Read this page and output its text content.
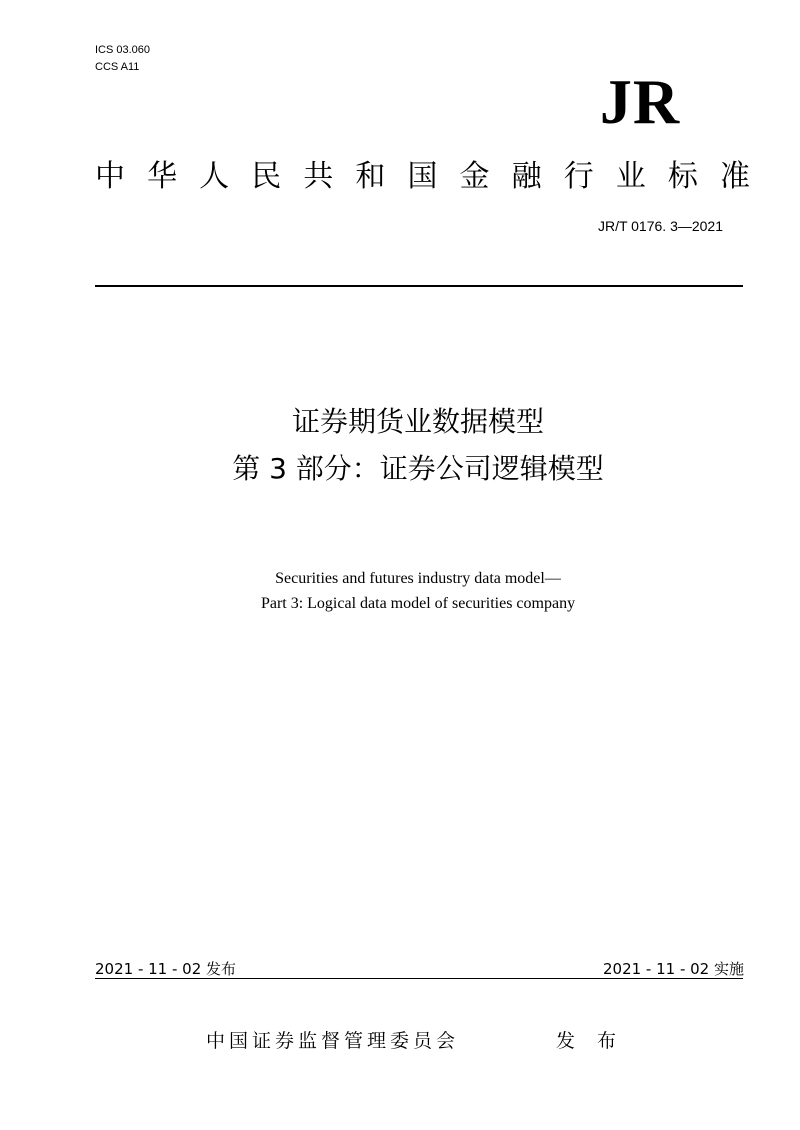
ICS 03.060
CCS A11	JR
中 华 人 民 共 和 国 金 融 行 业 标 准
JR/T 0176. 3—2021
证券期货业数据模型
第 3 部分：证券公司逻辑模型
Securities and futures industry data model—
Part 3: Logical data model of securities company
2021 - 11 - 02 发布	2021 - 11 - 02 实施
中国证券监督管理委员会	发 布
